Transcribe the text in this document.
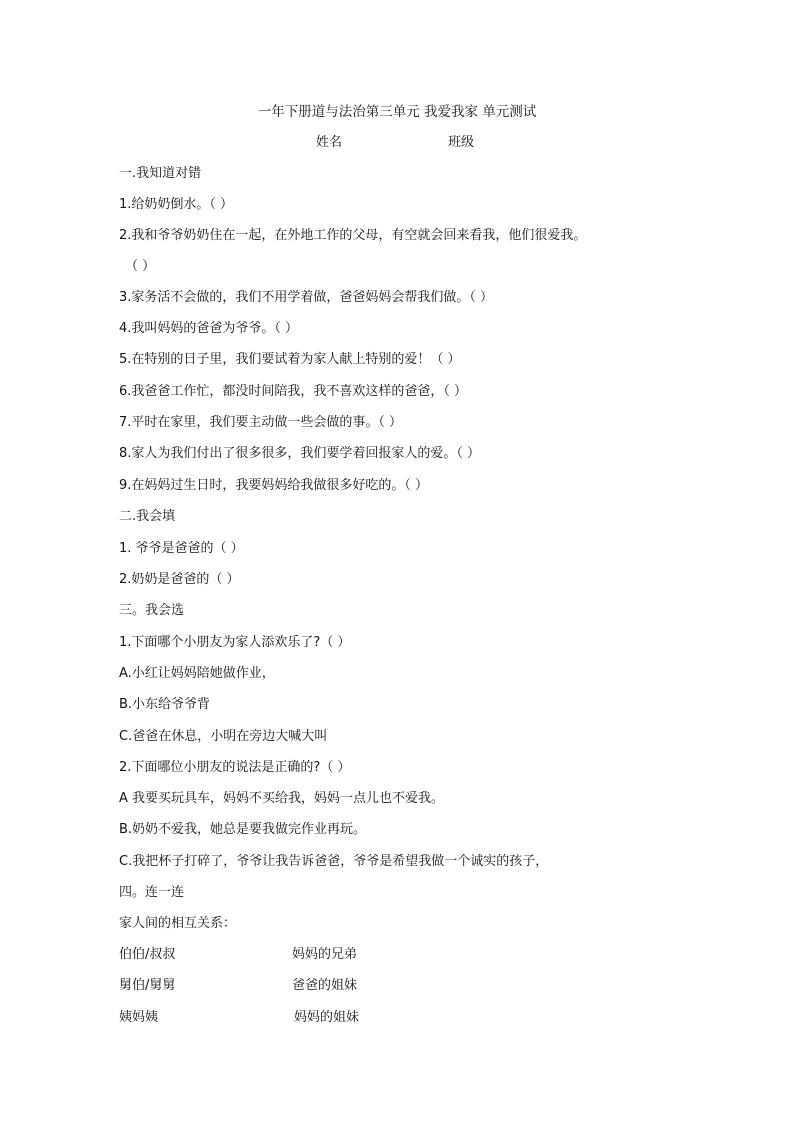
一年下册道与法治第三单元 我爱我家 单元测试
姓名	班级
一.我知道对错
1.给奶奶倒水。（ ）
2.我和爷爷奶奶住在一起，在外地工作的父母，有空就会回来看我，他们很爱我。
（ ）
3.家务活不会做的，我们不用学着做，爸爸妈妈会帮我们做。（ ）
4.我叫妈妈的爸爸为爷爷。（ ）
5.在特别的日子里，我们要试着为家人献上特别的爱！（ ）
6.我爸爸工作忙，都没时间陪我，我不喜欢这样的爸爸，（ ）
7.平时在家里，我们要主动做一些会做的事。（ ）
8.家人为我们付出了很多很多，我们要学着回报家人的爱。（ ）
9.在妈妈过生日时，我要妈妈给我做很多好吃的。（ ）
二.我会填
1. 爷爷是爸爸的（ ）
2.奶奶是爸爸的（ ）
三。我会选
1.下面哪个小朋友为家人添欢乐了?（ ）
A.小红让妈妈陪她做作业，
B.小东给爷爷背
C.爸爸在休息，小明在旁边大喊大叫
2.下面哪位小朋友的说法是正确的?（ ）
A 我要买玩具车，妈妈不买给我，妈妈一点儿也不爱我。
B.奶奶不爱我，她总是要我做完作业再玩。
C.我把杯子打碎了，爷爷让我告诉爸爸，爷爷是希望我做一个诚实的孩子，
四。连一连
家人间的相互关系：
伯伯/叔叔	妈妈的兄弟
舅伯/舅舅	爸爸的姐妹
姨妈姨	妈妈的姐妹
